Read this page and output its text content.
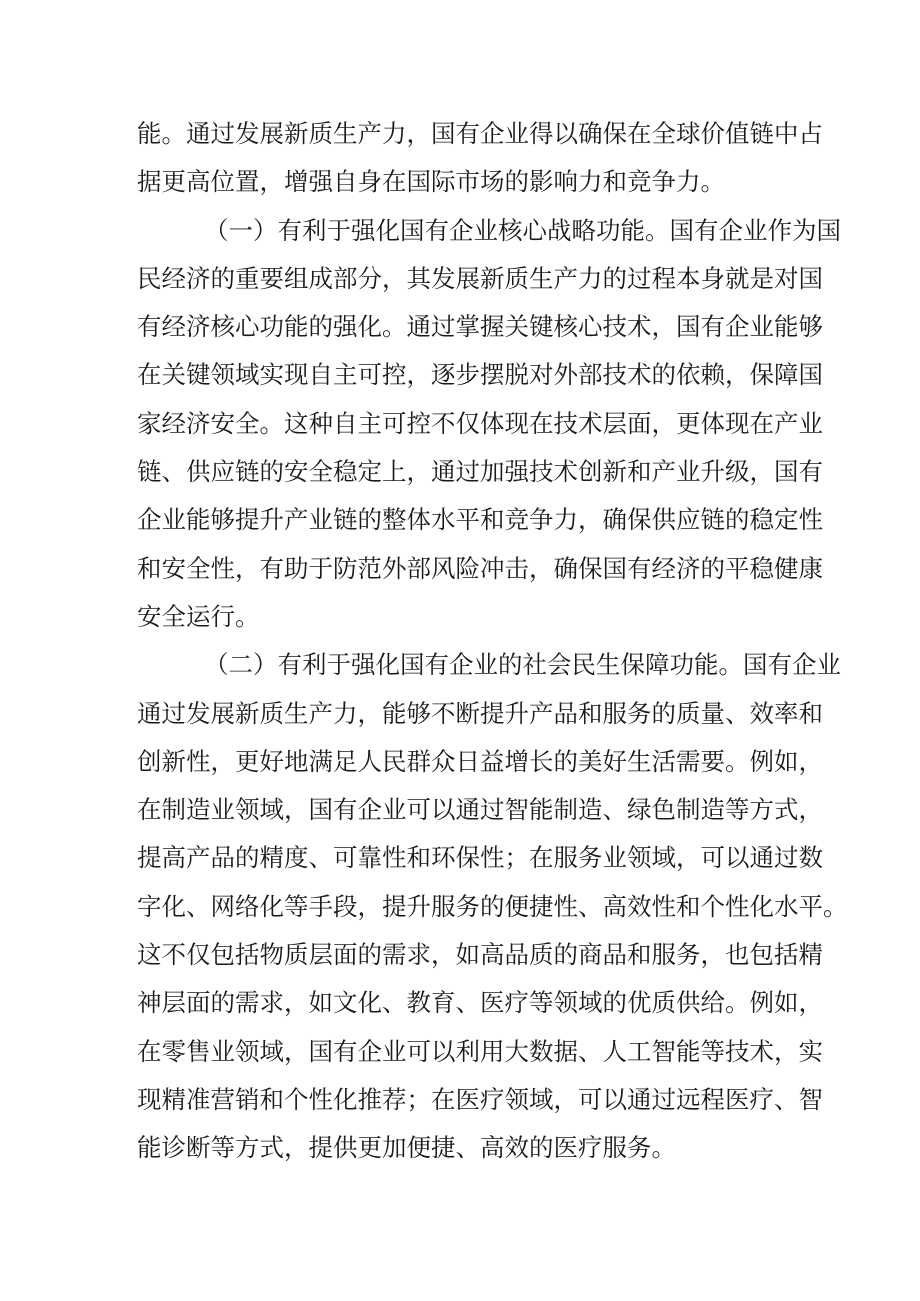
能。通过发展新质生产力，国有企业得以确保在全球价值链中占
据更高位置，增强自身在国际市场的影响力和竞争力。
（一）有利于强化国有企业核心战略功能。国有企业作为国
民经济的重要组成部分，其发展新质生产力的过程本身就是对国
有经济核心功能的强化。通过掌握关键核心技术，国有企业能够
在关键领域实现自主可控，逐步摆脱对外部技术的依赖，保障国
家经济安全。这种自主可控不仅体现在技术层面，更体现在产业
链、供应链的安全稳定上，通过加强技术创新和产业升级，国有
企业能够提升产业链的整体水平和竞争力，确保供应链的稳定性
和安全性，有助于防范外部风险冲击，确保国有经济的平稳健康
安全运行。
（二）有利于强化国有企业的社会民生保障功能。国有企业
通过发展新质生产力，能够不断提升产品和服务的质量、效率和
创新性，更好地满足人民群众日益增长的美好生活需要。例如，
在制造业领域，国有企业可以通过智能制造、绿色制造等方式，
提高产品的精度、可靠性和环保性；在服务业领域，可以通过数
字化、网络化等手段，提升服务的便捷性、高效性和个性化水平。
这不仅包括物质层面的需求，如高品质的商品和服务，也包括精
神层面的需求，如文化、教育、医疗等领域的优质供给。例如，
在零售业领域，国有企业可以利用大数据、人工智能等技术，实
现精准营销和个性化推荐；在医疗领域，可以通过远程医疗、智
能诊断等方式，提供更加便捷、高效的医疗服务。
